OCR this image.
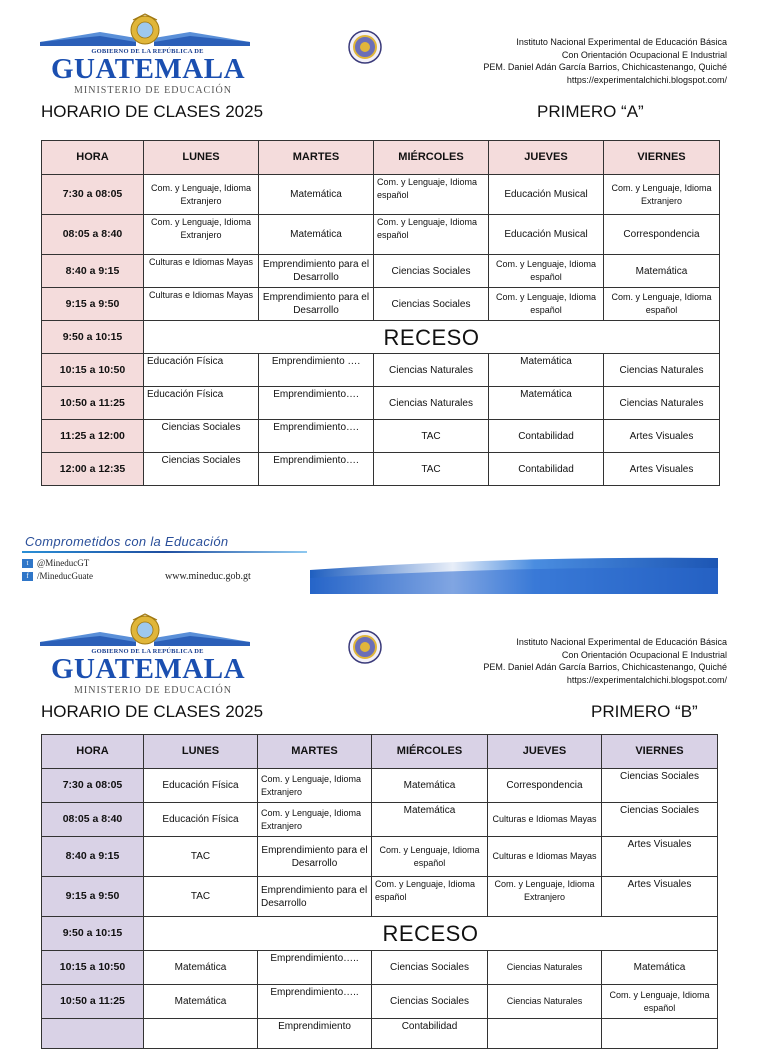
GOBIERNO DE LA REPÚBLICA DE
GUATEMALA
MINISTERIO DE EDUCACIÓN
Instituto Nacional Experimental de Educación Básica
Con Orientación Ocupacional E Industrial
PEM. Daniel Adán García Barrios, Chichicastenango, Quiché
https://experimentalchichi.blogspot.com/
HORARIO DE CLASES 2025	PRIMERO “A”
HORA	LUNES	MARTES	MIÉRCOLES	JUEVES	VIERNES
7:30 a 08:05	Com. y Lenguaje, Idioma Extranjero	Matemática	Com. y Lenguaje, Idioma español	Educación Musical	Com. y Lenguaje, Idioma Extranjero
08:05 a 8:40	Com. y Lenguaje, Idioma Extranjero	Matemática	Com. y Lenguaje, Idioma español	Educación Musical	Correspondencia
8:40 a 9:15	Culturas e Idiomas Mayas	Emprendimiento para el Desarrollo	Ciencias Sociales	Com. y Lenguaje, Idioma español	Matemática
9:15 a 9:50	Culturas e Idiomas Mayas	Emprendimiento para el Desarrollo	Ciencias Sociales	Com. y Lenguaje, Idioma español	Com. y Lenguaje, Idioma español
9:50 a 10:15	RECESO				
10:15 a 10:50	Educación Física	Emprendimiento ….	Ciencias Naturales	Matemática	Ciencias Naturales
10:50 a 11:25	Educación Física	Emprendimiento….	Ciencias Naturales	Matemática	Ciencias Naturales
11:25 a 12:00	Ciencias Sociales	Emprendimiento….	TAC	Contabilidad	Artes Visuales
12:00 a 12:35	Ciencias Sociales	Emprendimiento….	TAC	Contabilidad	Artes Visuales
Comprometidos con la Educación
t @MineducGT
f /MineducGuate	www.mineduc.gob.gt
GOBIERNO DE LA REPÚBLICA DE
GUATEMALA
MINISTERIO DE EDUCACIÓN
Instituto Nacional Experimental de Educación Básica
Con Orientación Ocupacional E Industrial
PEM. Daniel Adán García Barrios, Chichicastenango, Quiché
https://experimentalchichi.blogspot.com/
HORARIO DE CLASES 2025	PRIMERO “B”
HORA	LUNES	MARTES	MIÉRCOLES	JUEVES	VIERNES
7:30 a 08:05	Educación Física	Com. y Lenguaje, Idioma Extranjero	Matemática	Correspondencia	Ciencias Sociales
08:05 a 8:40	Educación Física	Com. y Lenguaje, Idioma Extranjero	Matemática	Culturas e Idiomas Mayas	Ciencias Sociales
8:40 a 9:15	TAC	Emprendimiento para el Desarrollo	Com. y Lenguaje, Idioma español	Culturas e Idiomas Mayas	Artes Visuales
9:15 a 9:50	TAC	Emprendimiento para el Desarrollo	Com. y Lenguaje, Idioma español	Com. y Lenguaje, Idioma Extranjero	Artes Visuales
9:50 a 10:15	RECESO				
10:15 a 10:50	Matemática	Emprendimiento…..	Ciencias Sociales	Ciencias Naturales	Matemática
10:50 a 11:25	Matemática	Emprendimiento…..	Ciencias Sociales	Ciencias Naturales	Com. y Lenguaje, Idioma español
		Emprendimiento	Contabilidad		
